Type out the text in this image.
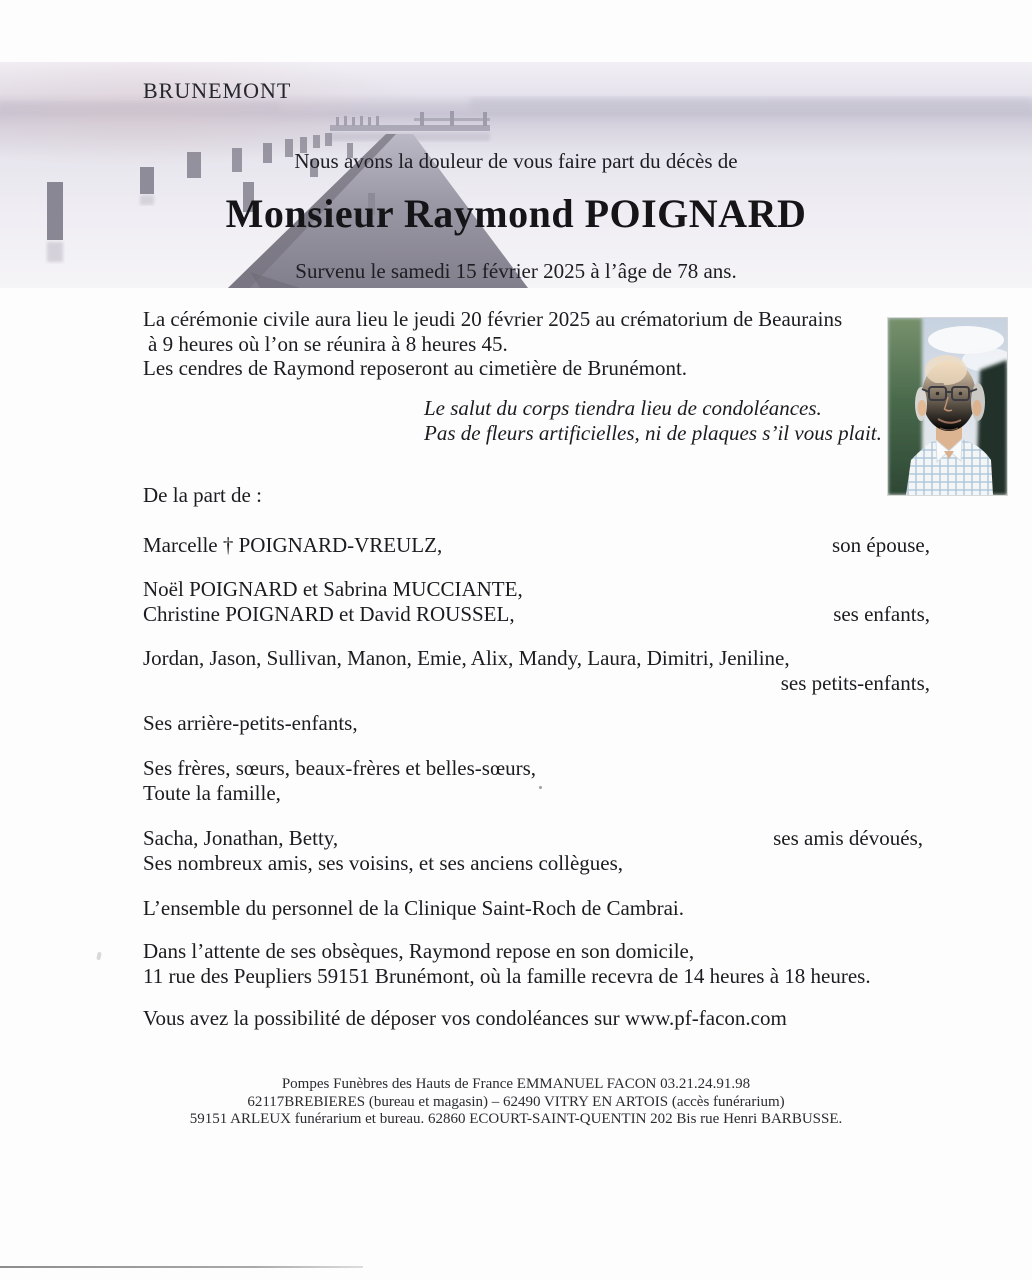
BRUNEMONT
Nous avons la douleur de vous faire part du décès de
Monsieur Raymond POIGNARD
Survenu le samedi 15 février 2025 à l’âge de 78 ans.
La cérémonie civile aura lieu le jeudi 20 février 2025 au crématorium de Beaurains
à 9 heures où l’on se réunira à 8 heures 45.
Les cendres de Raymond reposeront au cimetière de Brunémont.
Le salut du corps tiendra lieu de condoléances.
Pas de fleurs artificielles, ni de plaques s’il vous plait.
De la part de :
Marcelle † POIGNARD-VREULZ,	son épouse,
Noël POIGNARD et Sabrina MUCCIANTE,
Christine POIGNARD et David ROUSSEL,	ses enfants,
Jordan, Jason, Sullivan, Manon, Emie, Alix, Mandy, Laura, Dimitri, Jeniline,
ses petits-enfants,
Ses arrière-petits-enfants,
Ses frères, sœurs, beaux-frères et belles-sœurs,
Toute la famille,
Sacha, Jonathan, Betty,	ses amis dévoués,
Ses nombreux amis, ses voisins, et ses anciens collègues,
L’ensemble du personnel de la Clinique Saint-Roch de Cambrai.
Dans l’attente de ses obsèques, Raymond repose en son domicile,
11 rue des Peupliers 59151 Brunémont, où la famille recevra de 14 heures à 18 heures.
Vous avez la possibilité de déposer vos condoléances sur www.pf-facon.com
Pompes Funèbres des Hauts de France EMMANUEL FACON 03.21.24.91.98
62117BREBIERES (bureau et magasin) – 62490 VITRY EN ARTOIS (accès funérarium)
59151 ARLEUX funérarium et bureau. 62860 ECOURT-SAINT-QUENTIN 202 Bis rue Henri BARBUSSE.
